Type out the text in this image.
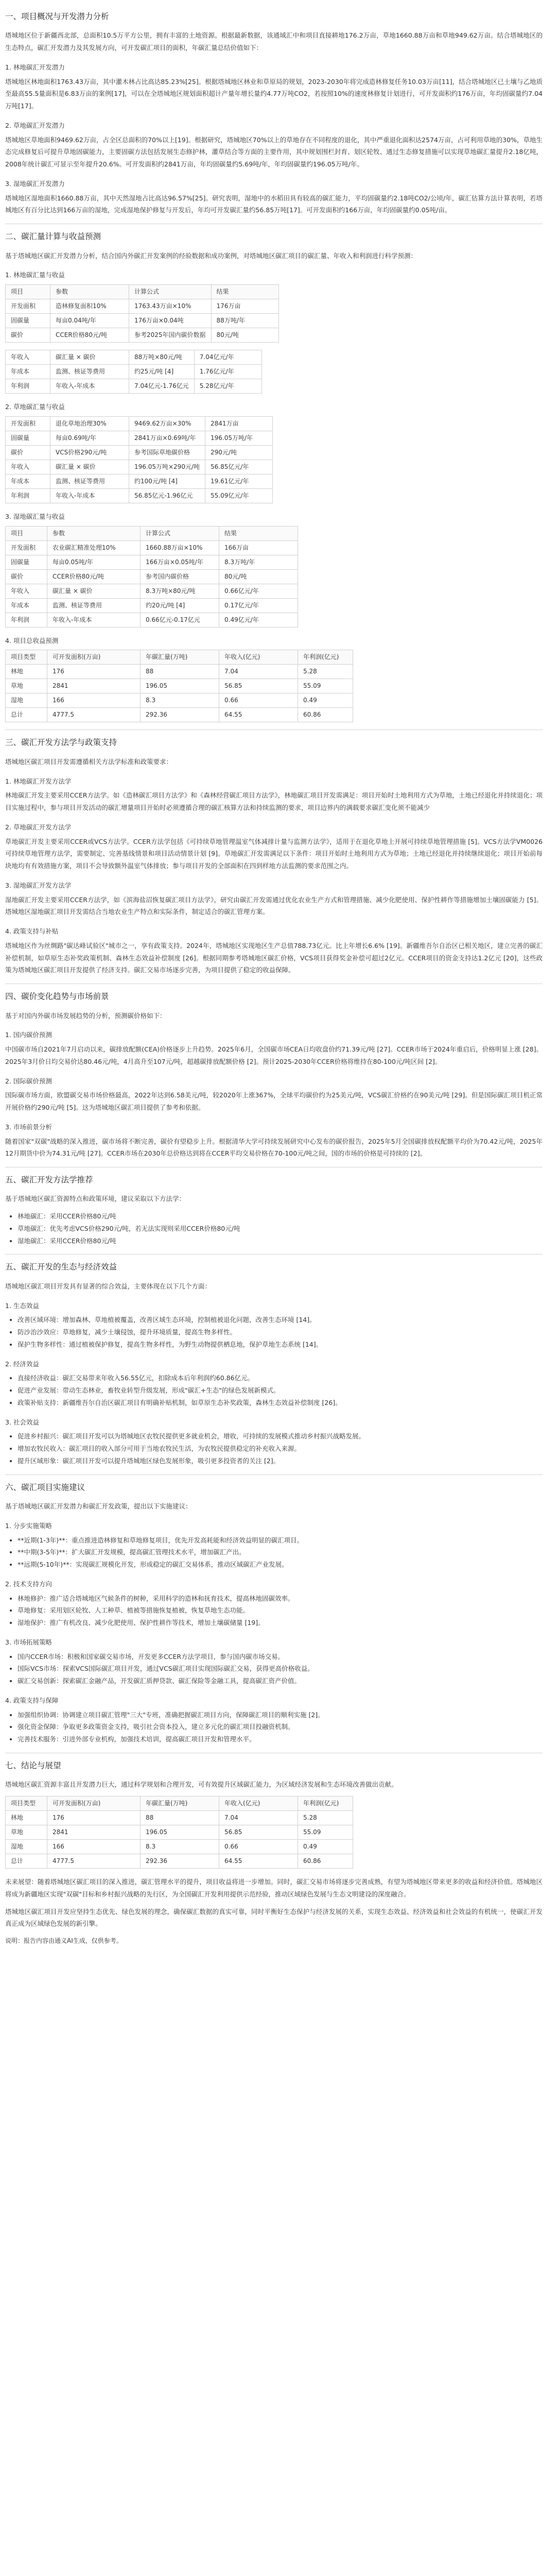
一、项目概况与开发潜力分析

塔城地区位于新疆西北部，总面积10.5万平方公里，拥有丰富的土地资源。根据最新数据，该通域汇中和项目直接耕地176.2万亩，草地1660.88万亩和草地949.62万亩。结合塔城地区的生态特点，碳汇开发潜力及其发展方向，可开发碳汇项目的面积，年碳汇量总结价值如下：

1. 林地碳汇开发潜力

塔城地区林地面积1763.43万亩，其中灌木林占比高达85.23%[25]。根据塔城地区林业和草原局的规划，2023-2030年将完成造林修复任务10.03万亩[11]，结合塔城地区已土壤与乙地质至最高55.5量面积是6.83万亩的案例[17]，可以在全塔城地区规划面积超计产量年增长量约4.77万吨CO2，若按照10%的速度林修复计划进行，可开发面积约176万亩，年均固碳量约7.04万吨[17]。

2. 草地碳汇开发潜力

塔城地区草地面积9469.62万亩，占全区总面积的70%以上[19]。根据研究，塔城地区70%以上的草地存在不同程度的退化，其中严重退化面积达2574万亩，占可利用草地的30%，草地生态完成修复后可提升草地固碳能力，主要固碳方法包括发展生态修护林，灌草结合等方面的主要作用，其中规划围栏封育、划区轮牧、通过生态修复措施可以实现草地碳汇量提升2.18亿吨，2008年统计碳汇可显示至年提升20.6%。可开发面积约2841万亩，年均固碳量约5.69吨/年，年均固碳量约196.05万吨/年。

3. 湿地碳汇开发潜力

塔城地区湿地面积1660.88万亩，其中天然湿地占比高达96.57%[25]。研究表明，湿地中的水稻田具有较高的碳汇能力，平均固碳量约2.18吨CO2/公顷/年，碳汇估算方法计算表明，若塔城地区有百分比达到166万亩的湿地，完成湿地保护修复与开发后，年均可开发碳汇量约56.85万吨[17]。可开发面积约166万亩，年均固碳量约0.05吨/亩。

二、碳汇量计算与收益预测

基于塔城地区碳汇开发潜力分析，结合国内外碳汇开发案例的经验数据和成功案例，对塔城地区碳汇项目的碳汇量、年收入和利润进行科学预测：

1. 林地碳汇量与收益
项目	参数	计算公式	结果
开发面积	造林修复面积10%	1763.43万亩×10%	176万亩
固碳量	每亩0.04吨/年	176万亩×0.04吨	88万吨/年
碳价	CCER价格80元/吨	参考2025年国内碳价数据	80元/吨
年收入	碳汇量 × 碳价	88万吨×80元/吨	7.04亿元/年
年成本	监测、核证等费用	约25元/吨 [4]	1.76亿元/年
年利润	年收入-年成本	7.04亿元-1.76亿元	5.28亿元/年
2. 草地碳汇量与收益
开发面积	退化草地治理30%	9469.62万亩×30%	2841万亩
固碳量	每亩0.69吨/年	2841万亩×0.69吨/年	196.05万吨/年
碳价	VCS价格290元/吨	参考国际草地碳价格	290元/吨
年收入	碳汇量 × 碳价	196.05万吨×290元/吨	56.85亿元/年
年成本	监测、核证等费用	约100元/吨 [4]	19.61亿元/年
年利润	年收入-年成本	56.85亿元-1.96亿元	55.09亿元/年
3. 湿地碳汇量与收益
项目	参数	计算公式	结果
开发面积	农业碳汇精准处理10%	1660.88万亩×10%	166万亩
固碳量	每亩0.05吨/年	166万亩×0.05吨/年	8.3万吨/年
碳价	CCER价格80元/吨	参考国内碳价格	80元/吨
年收入	碳汇量 × 碳价	8.3万吨×80元/吨	0.66亿元/年
年成本	监测、核证等费用	约20元/吨 [4]	0.17亿元/年
年利润	年收入-年成本	0.66亿元-0.17亿元	0.49亿元/年
4. 项目总收益预测
项目类型	可开发面积(万亩)	年碳汇量(万吨)	年收入(亿元)	年利润(亿元)
林地	176	88	7.04	5.28
草地	2841	196.05	56.85	55.09
湿地	166	8.3	0.66	0.49
总计	4777.5	292.36	64.55	60.86
三、碳汇开发方法学与政策支持

塔城地区碳汇项目开发需遵循相关方法学标准和政策要求：

1. 林地碳汇开发方法学

林地碳汇开发主要采用CCER方法学。如《造林碳汇项目方法学》和《森林经营碳汇项目方法学》，林地碳汇项目开发需满足：项目开始时土地利用方式为草地，土地已经退化并持续退化；项目实施过程中，参与项目开发活动的碳汇增量项目开始时必须遵循合理的碳汇核算方法和持续监测的要求，项目边界内的满载要求碳汇变化须不能减少

2. 草地碳汇开发方法学

草地碳汇开发主要采用CCER或VCS方法学。CCER方法学包括《可持续草地管理温室气体减排计量与监测方法学》，适用于在退化草地上开展可持续草地管理措施 [5]。VCS方法学VM0026可持续草地管理方法学，需要制定、完善基线情景和项目活动情景计划 [9]。草地碳汇开发需满足以下条件：项目开始时土地利用方式为草地；土地已经退化并持续继续退化；项目开始前每块地均有有效措施方案，项目不会导致额外温室气体排放；参与项目开发的全部面积在四到样地方法监测的要求范围之内。

3. 湿地碳汇开发方法学

湿地碳汇开发主要采用CCER方法学，如《滨海盐沼恢复碳汇项目方法学》，研究由碳汇开发需通过优化农业生产方式和管理措施、减少化肥使用、保护性耕作等措施增加土壤固碳能力 [5]。塔城地区湿地碳汇项目开发需结合当地农业生产特点和实际条件，制定适合的碳汇管理方案。

4. 政策支持与补贴

塔城地区作为丝绸路"碳达峰试验区"城市之一，享有政策支持。2024年，塔城地区实现地区生产总值788.73亿元。比上年增长6.6% [19]。新疆维吾尔自治区已相关地区，建立完善的碳汇补偿机制，如草原生态补奖政策机制、森林生态效益补偿制度 [26]。根据同期参考塔城地区碳汇价格，VCS项目获得奖金补偿可超过2亿元。CCER项目的资金支持达1.2亿元 [20]，这些政策为塔城地区碳汇项目开发提供了经济支持。碳汇交易市场逐步完善，为项目提供了稳定的收益保障。

四、碳价变化趋势与市场前景

基于对国内外碳市场发展趋势的分析，预测碳价格如下：

1. 国内碳价预测

中国碳市场自2021年7月启动以来，碳排放配额(CEA)价格逐步上升趋势。2025年6月，全国碳市场CEA日均收盘价约71.39元/吨 [27]。CCER市场于2024年重启后，价格明显上涨 [28]。2025年3月价日均交易价达80.46元/吨，4月高升至107元/吨，超越碳排放配额价格 [2]。预计2025-2030年CCER价格将维持在80-100元/吨区间 [2]。

2. 国际碳价预测

国际碳市场方面，欧盟碳交易市场价格最高，2022年达到6.58美元/吨，较2020年上涨367%，全球平均碳价约为25美元/吨，VCS碳汇价格约在90美元/吨 [29]。但是国际碳汇项目机正常开展价格约290元/吨 [5]。这为塔城地区碳汇项目提供了参考和依据。

3. 市场前景分析

随着国家"双碳"战略的深入推进，碳市场将不断完善，碳价有望稳步上升。根据清华大学可持续发展研究中心发布的碳价报告，2025年5月全国碳排放权配额平均价为70.42元/吨，2025年12月期货中价为74.31元/吨 [27]。CCER市场在2030年总价格达到将在CCER平均交易价格在70-100元/吨之间，国的市场的价格是可持续的 [2]。

五、碳汇开发方法学推荐

基于塔城地区碳汇资源特点和政策环境，建议采取以下方法学：

• 林地碳汇：采用CCER价格80元/吨
• 草地碳汇：优先考虑VCS价格290元/吨，若无法实现则采用CCER价格80元/吨
• 湿地碳汇：采用CCER价格80元/吨
五、碳汇开发的生态与经济效益

塔城地区碳汇项目开发具有显著的综合效益，主要体现在以下几个方面：

1. 生态效益
• 改善区域环境：增加森林、草地植被覆盖，改善区域生态环境，控制植被退化问题，改善生态环境 [14]。
• 防沙治沙效应：草地修复，减少土壤侵蚀，提升环境质量，提高生物多样性。
• 保护生物多样性：通过植被保护修复，提高生物多样性，为野生动物提供栖息地，保护草地生态系统 [14]。
2. 经济效益
• 直接经济收益：碳汇交易带来年收入56.55亿元，扣除成本后年利润约60.86亿元。
• 促进产业发展：带动生态林业，畜牧业转型升级发展，形成"碳汇+生态"的绿色发展新模式。
• 政策补贴支持：新疆维吾尔自治区碳汇项目有明确补贴机制，如草原生态补奖政策，森林生态效益补偿制度 [26]。
3. 社会效益
• 促进乡村振兴：碳汇项目开发可以为塔城地区农牧民提供更多就业机会，增收，可持续的发展模式推动乡村振兴战略发展。
• 增加农牧民收入：碳汇项目的收入部分可用于当地农牧民生活，为农牧民提供稳定的补充收入来源。
• 提升区域形象：碳汇项目开发可以提升塔城地区绿色发展形象，吸引更多投资者的关注 [2]。
六、碳汇项目实施建议

基于塔城地区碳汇开发潜力和碳汇开发政策，提出以下实施建议：

1. 分步实施策略
• **近期(1-3年)**：重点推进造林修复和草地修复项目，优先开发高耗能和经济效益明显的碳汇项目。
• **中期(3-5年)**：扩大碳汇开发规模，提高碳汇管理技术水平，增加碳汇产出。
• **远期(5-10年)**：实现碳汇规模化开发，形成稳定的碳汇交易体系，推动区域碳汇产业发展。
2. 技术支持方向
• 林地修护：推广适合塔城地区气候条件的树种，采用科学的造林和抚育技术，提高林地固碳效率。
• 草地修复：采用划区轮牧、人工种草、植被等措施恢复植被，恢复草地生态功能。
• 湿地保护：推广有机改良、减少化肥使用、保护性耕作等技术，增加土壤碳储量 [19]。
3. 市场拓展策略
• 国内CCER市场：积极和国家碳交易市场，开发更多CCER方法学项目，参与国内碳市场交易。
• 国际VCS市场：探索VCS国际碳汇项目开发，通过VCS碳汇项目实现国际碳汇交易，获得更高价格收益。
• 碳汇交易创新：探索碳汇金融产品，开发碳汇质押贷款、碳汇保险等金融工具，提高碳汇资产价值。
4. 政策支持与保障
• 加强组织协调：协调建立项目碳汇管理"三大"专班，准确把握碳汇项目方向，保障碳汇项目的顺利实施 [2]。
• 强化资金保障：争取更多政策资金支持，吸引社会资本投入，建立多元化的碳汇项目投融资机制。
• 完善技术服务：引进外部专业机构，加强技术培训，提高碳汇项目开发和管理水平。
七、结论与展望

塔城地区碳汇资源丰富且开发潜力巨大，通过科学规划和合理开发，可有效提升区域碳汇能力，为区域经济发展和生态环境改善做出贡献。

项目类型	可开发面积(万亩)	年碳汇量(万吨)	年收入(亿元)	年利润(亿元)
林地	176	88	7.04	5.28
草地	2841	196.05	56.85	55.09
湿地	166	8.3	0.66	0.49
总计	4777.5	292.36	64.55	60.86

未来展望：随着塔城地区碳汇项目的深入推进，碳汇管理水平的提升，项目收益将进一步增加。同时，碳汇交易市场将逐步完善成熟，有望为塔城地区带来更多的收益和经济价值。塔城地区将成为新疆地区实现"双碳"目标和乡村振兴战略的先行区，为全国碳汇开发利用提供示范经验，推动区域绿色发展与生态文明建设的深度融合。

塔城地区碳汇项目开发应坚持生态优先、绿色发展的理念，确保碳汇数据的真实可靠，同时平衡好生态保护与经济发展的关系，实现生态效益、经济效益和社会效益的有机统一，使碳汇开发真正成为区域绿色发展的新引擎。

说明：报告内容由通义AI生成，仅供参考。
